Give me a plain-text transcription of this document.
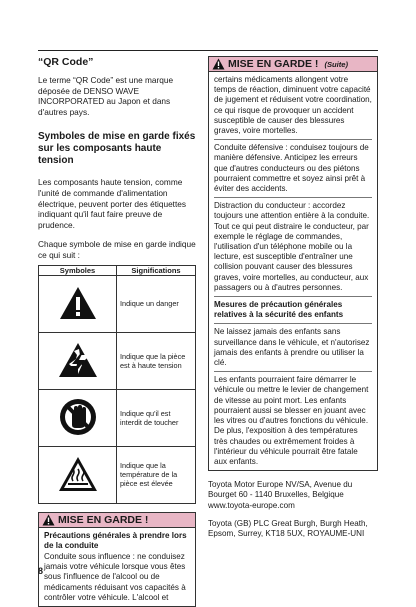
“QR Code”

Le terme “QR Code” est une marque déposée de DENSO WAVE INCORPORATED au Japon et dans d'autres pays.

Symboles de mise en garde fixés sur les composants haute tension

Les composants haute tension, comme l'unité de commande d'alimentation électrique, peuvent porter des étiquettes indiquant qu'il faut faire preuve de prudence.

Chaque symbole de mise en garde indique ce qui suit :

Symboles	Significations
	Indique un danger
	Indique que la pièce est à haute tension
	Indique qu'il est interdit de toucher
	Indique que la température de la pièce est élevée
MISE EN GARDE !

Précautions générales à prendre lors de la conduite

Conduite sous influence : ne conduisez jamais votre véhicule lorsque vous êtes sous l'influence de l'alcool ou de médicaments réduisant vos capacités à contrôler votre véhicule. L'alcool et

MISE EN GARDE ! (Suite)

certains médicaments allongent votre temps de réaction, diminuent votre capacité de jugement et réduisent votre coordination, ce qui risque de provoquer un accident susceptible de causer des blessures graves, voire mortelles.

Conduite défensive : conduisez toujours de manière défensive. Anticipez les erreurs que d'autres conducteurs ou des piétons pourraient commettre et soyez ainsi prêt à éviter des accidents.

Distraction du conducteur : accordez toujours une attention entière à la conduite. Tout ce qui peut distraire le conducteur, par exemple le réglage de commandes, l'utilisation d'un téléphone mobile ou la lecture, est susceptible d'entraîner une collision pouvant causer des blessures graves, voire mortelles, au conducteur, aux passagers ou à d'autres personnes.

Mesures de précaution générales relatives à la sécurité des enfants

Ne laissez jamais des enfants sans surveillance dans le véhicule, et n'autorisez jamais des enfants à prendre ou utiliser la clé.

Les enfants pourraient faire démarrer le véhicule ou mettre le levier de changement de vitesse au point mort. Les enfants pourraient aussi se blesser en jouant avec les vitres ou d'autres fonctions du véhicule. De plus, l'exposition à des températures très chaudes ou extrêmement froides à l'intérieur du véhicule pourrait être fatale aux enfants.

Toyota Motor Europe NV/SA, Avenue du Bourget 60 - 1140 Bruxelles, Belgique www.toyota-europe.com

Toyota (GB) PLC Great Burgh, Burgh Heath, Epsom, Surrey, KT18 5UX, ROYAUME-UNI

8
